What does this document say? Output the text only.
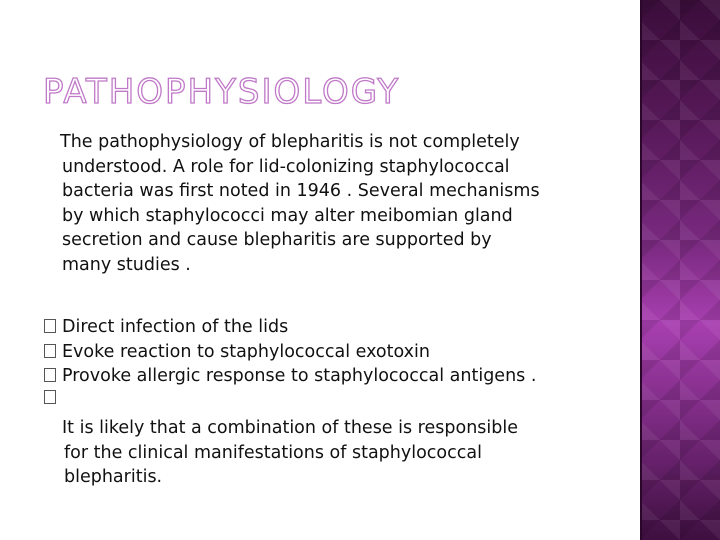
PATHOPHYSIOLOGY

The pathophysiology of blepharitis is not completely
understood. A role for lid-colonizing staphylococcal
bacteria was first noted in 1946 . Several mechanisms
by which staphylococci may alter meibomian gland
secretion and cause blepharitis are supported by
many studies .

Direct infection of the lids
Evoke reaction to staphylococcal exotoxin
Provoke allergic response to staphylococcal antigens .

It is likely that a combination of these is responsible
for the clinical manifestations of staphylococcal
blepharitis.
